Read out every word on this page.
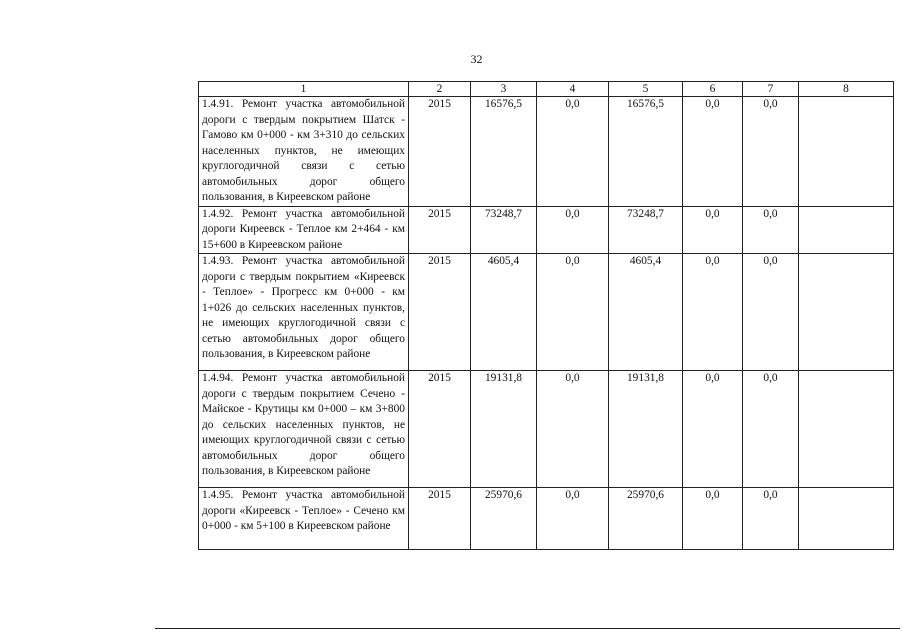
32
1	2	3	4	5	6	7	8
1.4.91. Ремонт участка автомобильной дороги с твердым покрытием Шатск - Гамово км 0+000 - км 3+310 до сельских населенных пунктов, не имеющих круглогодичной связи с сетью автомобильных дорог общего пользования, в Киреевском районе	2015	16576,5	0,0	16576,5	0,0	0,0	
1.4.92. Ремонт участка автомобильной дороги Киреевск - Теплое км 2+464 - км 15+600 в Киреевском районе	2015	73248,7	0,0	73248,7	0,0	0,0	
1.4.93. Ремонт участка автомобильной дороги с твердым покрытием «Киреевск - Теплое» - Прогресс км 0+000 - км 1+026 до сельских населенных пунктов, не имеющих круглогодичной связи с сетью автомобильных дорог общего пользования, в Киреевском районе	2015	4605,4	0,0	4605,4	0,0	0,0	
1.4.94. Ремонт участка автомобильной дороги с твердым покрытием Сечено - Майское - Крутицы км 0+000 – км 3+800 до сельских населенных пунктов, не имеющих круглогодичной связи с сетью автомобильных дорог общего пользования, в Киреевском районе	2015	19131,8	0,0	19131,8	0,0	0,0	
1.4.95. Ремонт участка автомобильной дороги «Киреевск - Теплое» - Сечено км 0+000 - км 5+100 в Киреевском районе	2015	25970,6	0,0	25970,6	0,0	0,0	
